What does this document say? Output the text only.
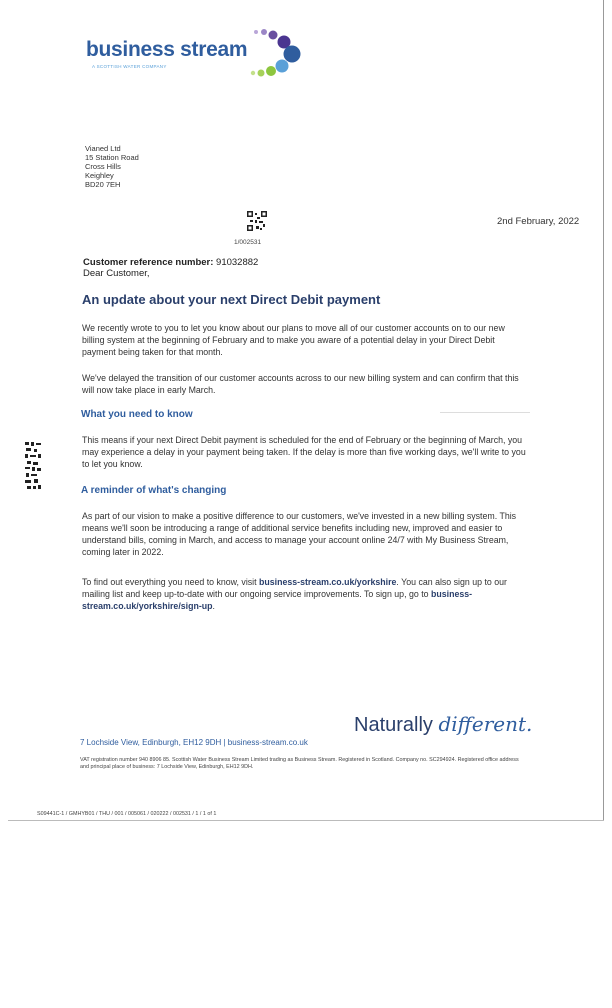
business stream
A SCOTTISH WATER COMPANY
Vianed Ltd
15 Station Road
Cross Hills
Keighley
BD20 7EH
1/002531
2nd February, 2022
Customer reference number: 91032882
Dear Customer,
An update about your next Direct Debit payment
We recently wrote to you to let you know about our plans to move all of our customer accounts on to our new billing system at the beginning of February and to make you aware of a potential delay in your Direct Debit payment being taken for that month.
We've delayed the transition of our customer accounts across to our new billing system and can confirm that this will now take place in early March.
What you need to know
This means if your next Direct Debit payment is scheduled for the end of February or the beginning of March, you may experience a delay in your payment being taken. If the delay is more than five working days, we'll write to you to let you know.
A reminder of what's changing
As part of our vision to make a positive difference to our customers, we've invested in a new billing system. This means we'll soon be introducing a range of additional service benefits including new, improved and easier to understand bills, coming in March, and access to manage your account online 24/7 with My Business Stream, coming later in 2022.
To find out everything you need to know, visit business-stream.co.uk/yorkshire. You can also sign up to our mailing list and keep up-to-date with our ongoing service improvements. To sign up, go to business-stream.co.uk/yorkshire/sign-up.
Naturally different.
7 Lochside View, Edinburgh, EH12 9DH | business-stream.co.uk
VAT registration number 940 8906 85. Scottish Water Business Stream Limited trading as Business Stream. Registered in Scotland. Company no. SC294924. Registered office address and principal place of business: 7 Lochside View, Edinburgh, EH12 9DH.
S09441C-1 / GMHYB01 / THU / 001 / 005061 / 020222 / 002531 / 1 / 1 of 1
